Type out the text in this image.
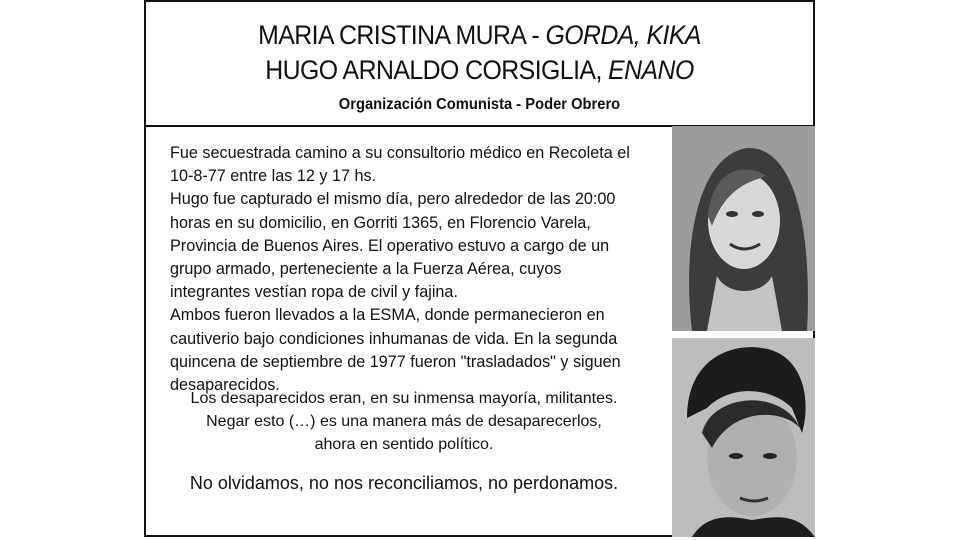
MARIA CRISTINA MURA - GORDA, KIKA
HUGO ARNALDO CORSIGLIA, ENANO
Organización Comunista - Poder Obrero

Fue secuestrada camino a su consultorio médico en Recoleta el 10-8-77 entre las 12 y 17 hs.

Hugo fue capturado el mismo día, pero alrededor de las 20:00 horas en su domicilio, en Gorriti 1365, en Florencio Varela, Provincia de Buenos Aires. El operativo estuvo a cargo de un grupo armado, perteneciente a la Fuerza Aérea, cuyos integrantes vestían ropa de civil y fajina.

Ambos fueron llevados a la ESMA, donde permanecieron en cautiverio bajo condiciones inhumanas de vida. En la segunda quincena de septiembre de 1977 fueron "trasladados" y siguen desaparecidos.

Los desaparecidos eran, en su inmensa mayoría, militantes.

Negar esto (…) es una manera más de desaparecerlos,

ahora en sentido político.

No olvidamos, no nos reconciliamos, no perdonamos.
